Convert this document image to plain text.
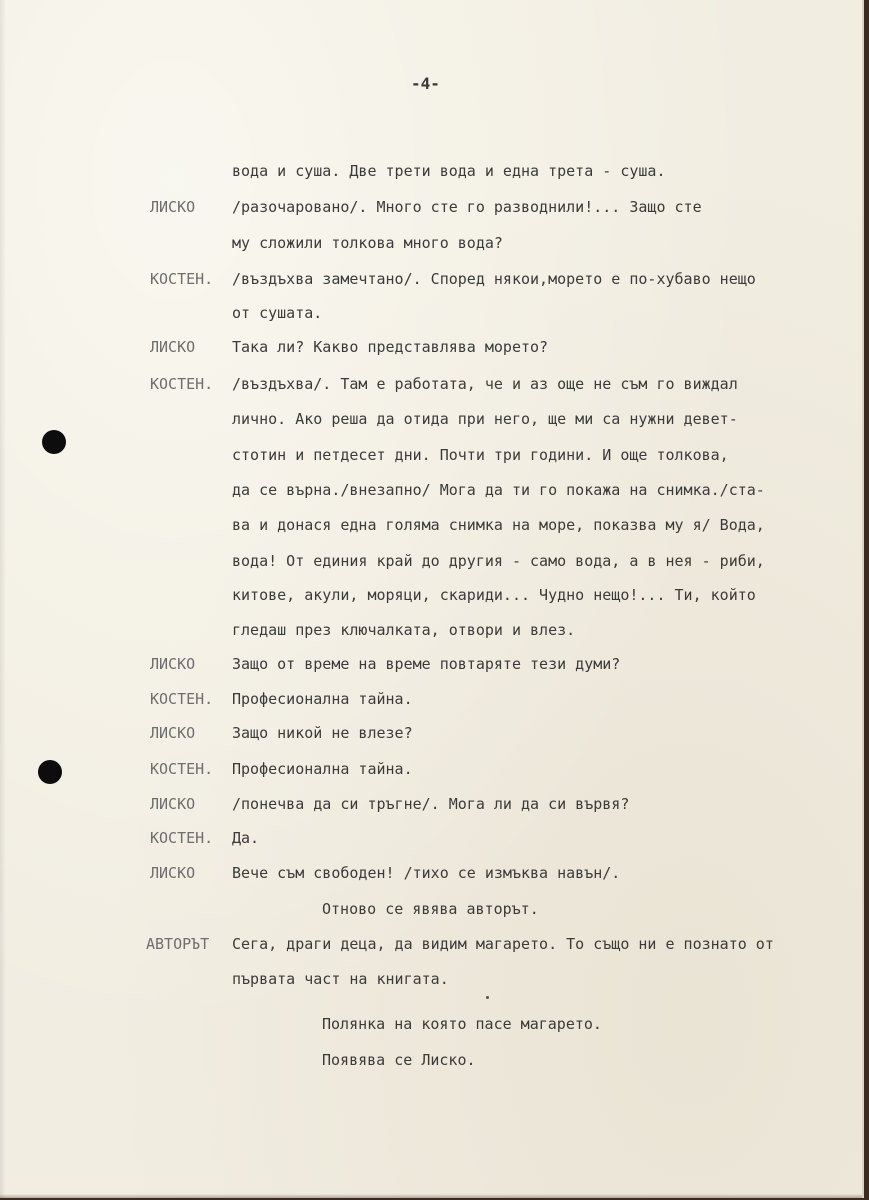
-4-
вода и суша. Две трети вода и една трета - суша.
ЛИСКО	/разочаровано/. Много сте го разводнили!... Защо сте
му сложили толкова много вода?
КОСТЕН.	/въздъхва замечтано/. Според някои,морето е по-хубаво нещо
от сушата.
ЛИСКО	Така ли? Какво представлява морето?
КОСТЕН.	/въздъхва/. Там е работата, че и аз още не съм го виждал
лично. Ако реша да отида при него, ще ми са нужни девет-
стотин и петдесет дни. Почти три години. И още толкова,
да се върна./внезапно/ Мога да ти го покажа на снимка./ста-
ва и донася една голяма снимка на море, показва му я/ Вода,
вода! От единия край до другия - само вода, а в нея - риби,
китове, акули, моряци, скариди... Чудно нещо!... Ти, който
гледаш през ключалката, отвори и влез.
ЛИСКО	Защо от време на време повтаряте тези думи?
КОСТЕН.	Професионална тайна.
ЛИСКО	Защо никой не влезе?
КОСТЕН.	Професионална тайна.
ЛИСКО	/понечва да си тръгне/. Мога ли да си вървя?
КОСТЕН.	Да.
ЛИСКО	Вече съм свободен! /тихо се измъква навън/.
Отново се явява авторът.
АВТОРЪТ	Сега, драги деца, да видим магарето. То също ни е познато от
първата част на книгата.
Полянка на която пасе магарето.
Появява се Лиско.
